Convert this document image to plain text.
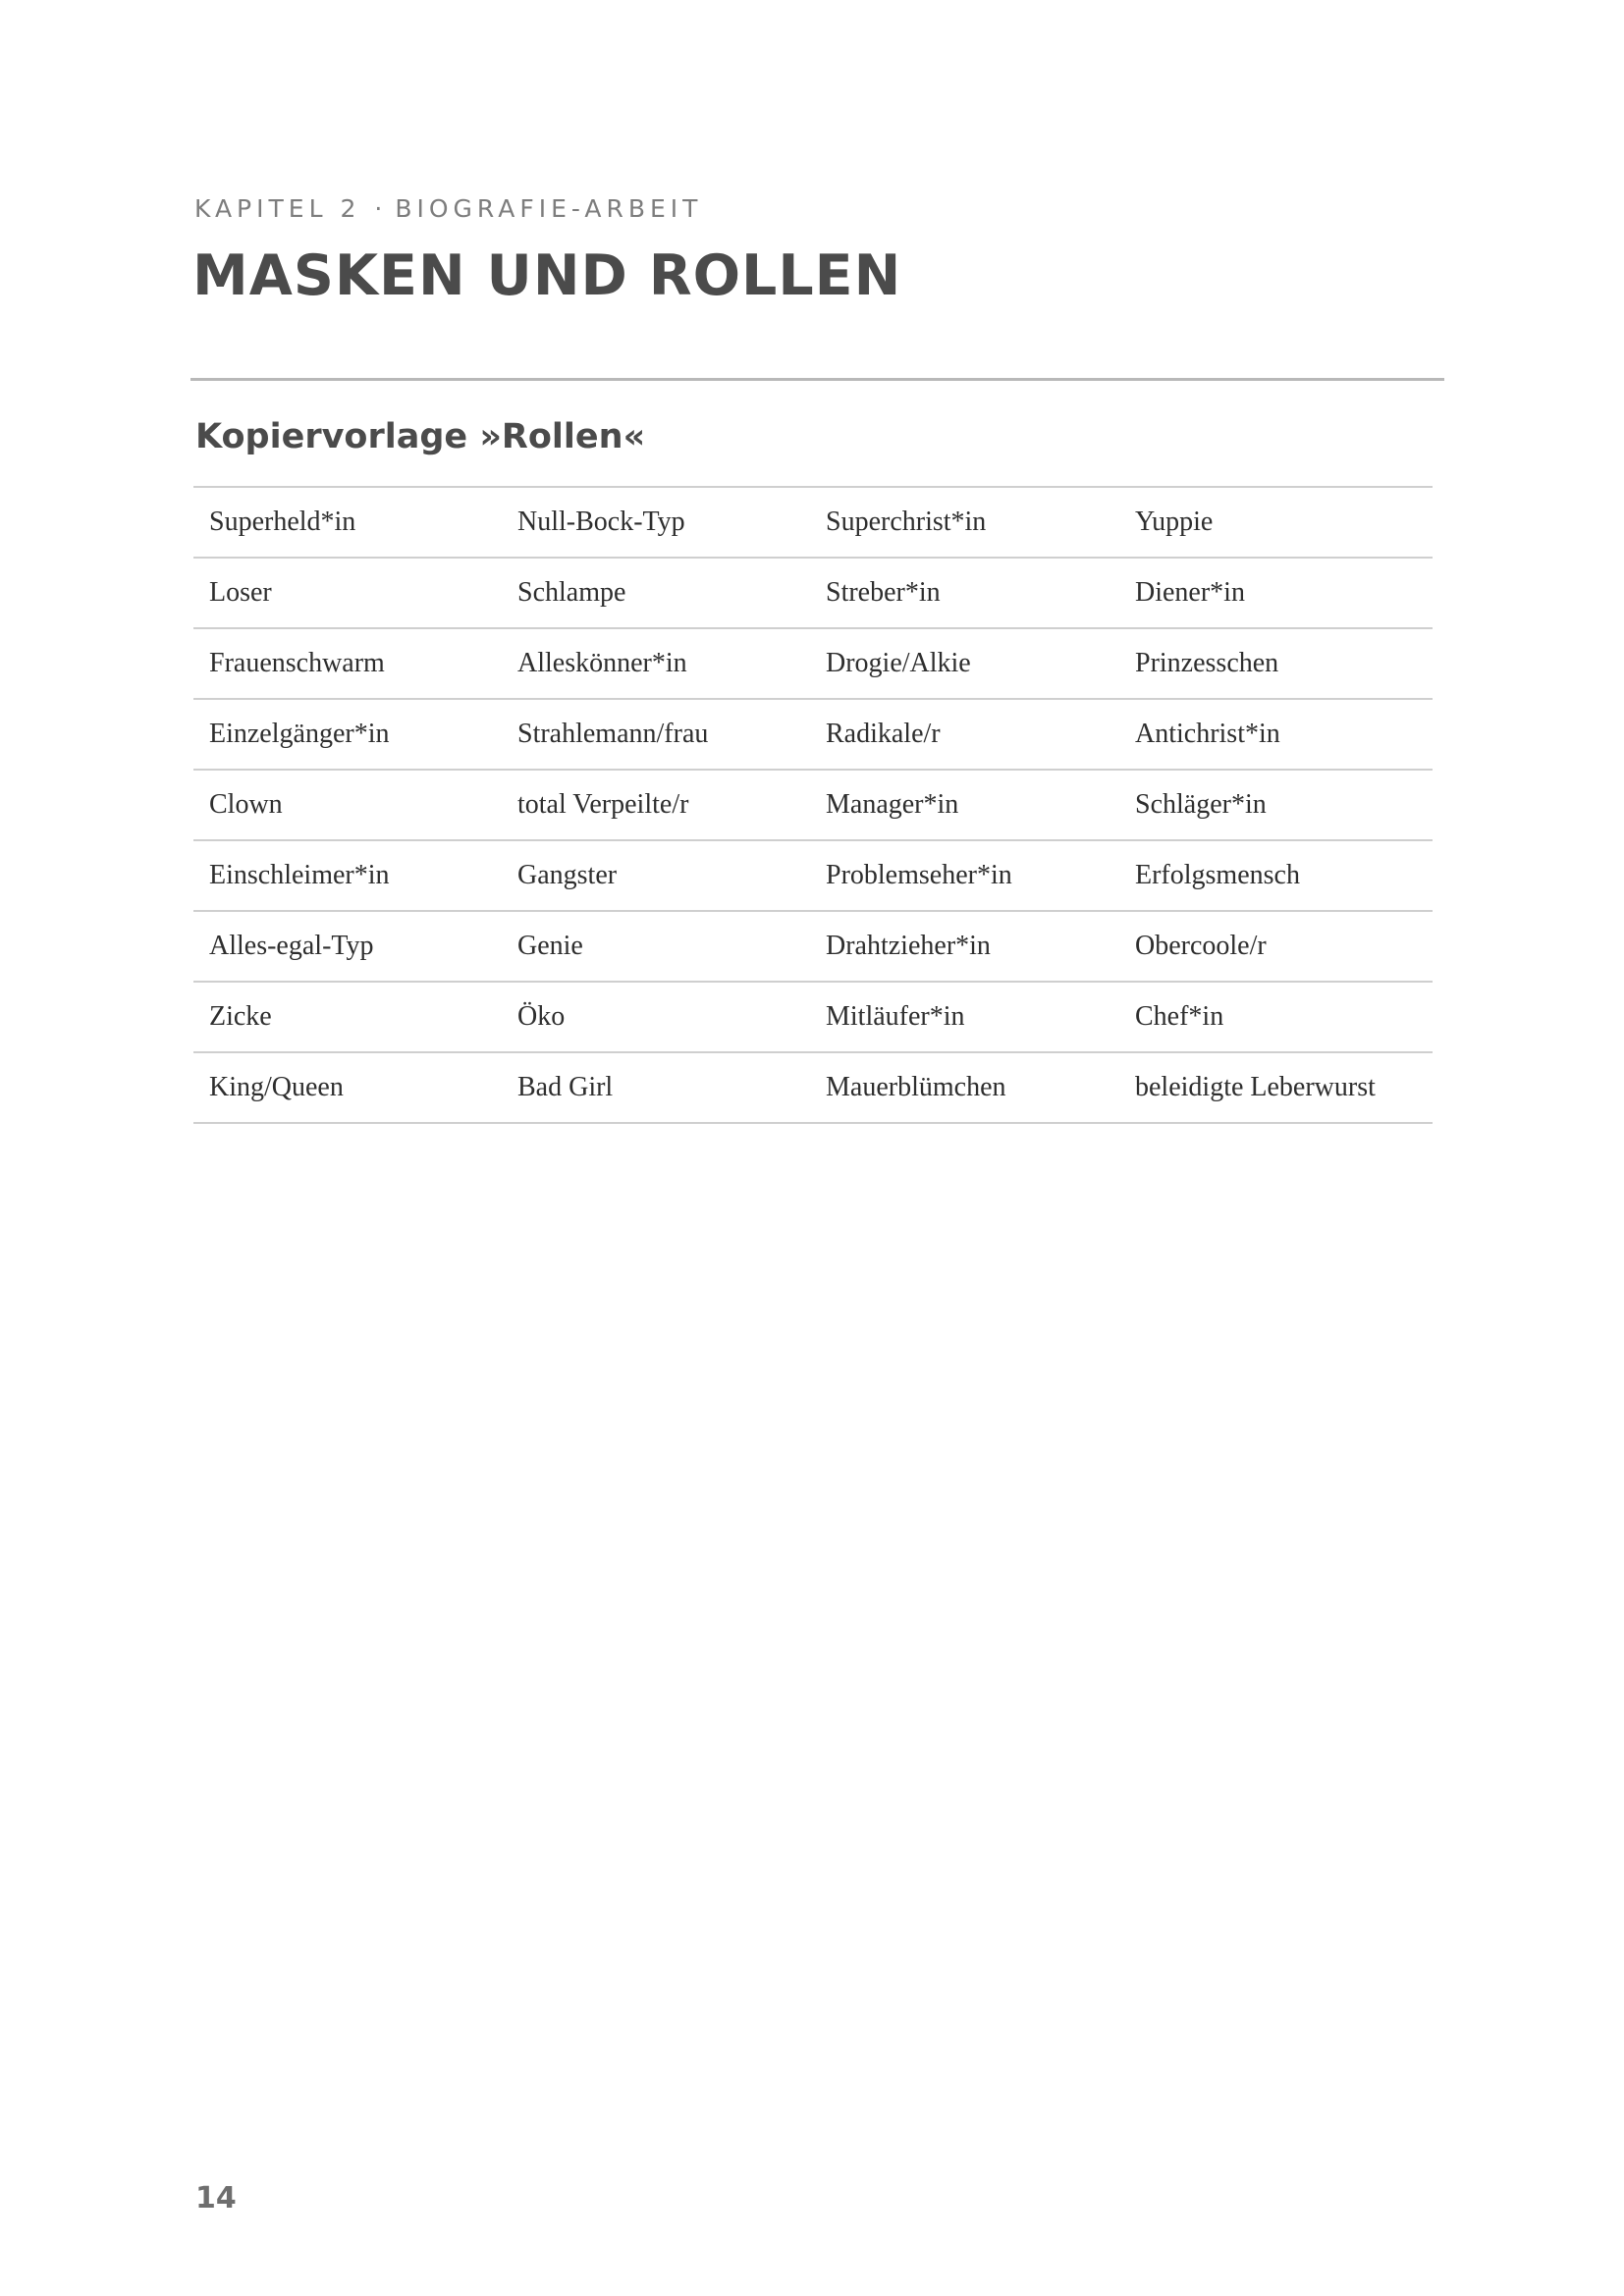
KAPITEL 2 · BIOGRAFIE-ARBEIT
MASKEN UND ROLLEN
Kopiervorlage »Rollen«
Superheld*in	Null-Bock-Typ	Superchrist*in	Yuppie
Loser	Schlampe	Streber*in	Diener*in
Frauenschwarm	Alleskönner*in	Drogie/Alkie	Prinzesschen
Einzelgänger*in	Strahlemann/frau	Radikale/r	Antichrist*in
Clown	total Verpeilte/r	Manager*in	Schläger*in
Einschleimer*in	Gangster	Problemseher*in	Erfolgsmensch
Alles-egal-Typ	Genie	Drahtzieher*in	Obercoole/r
Zicke	Öko	Mitläufer*in	Chef*in
King/Queen	Bad Girl	Mauerblümchen	beleidigte Leberwurst
14
